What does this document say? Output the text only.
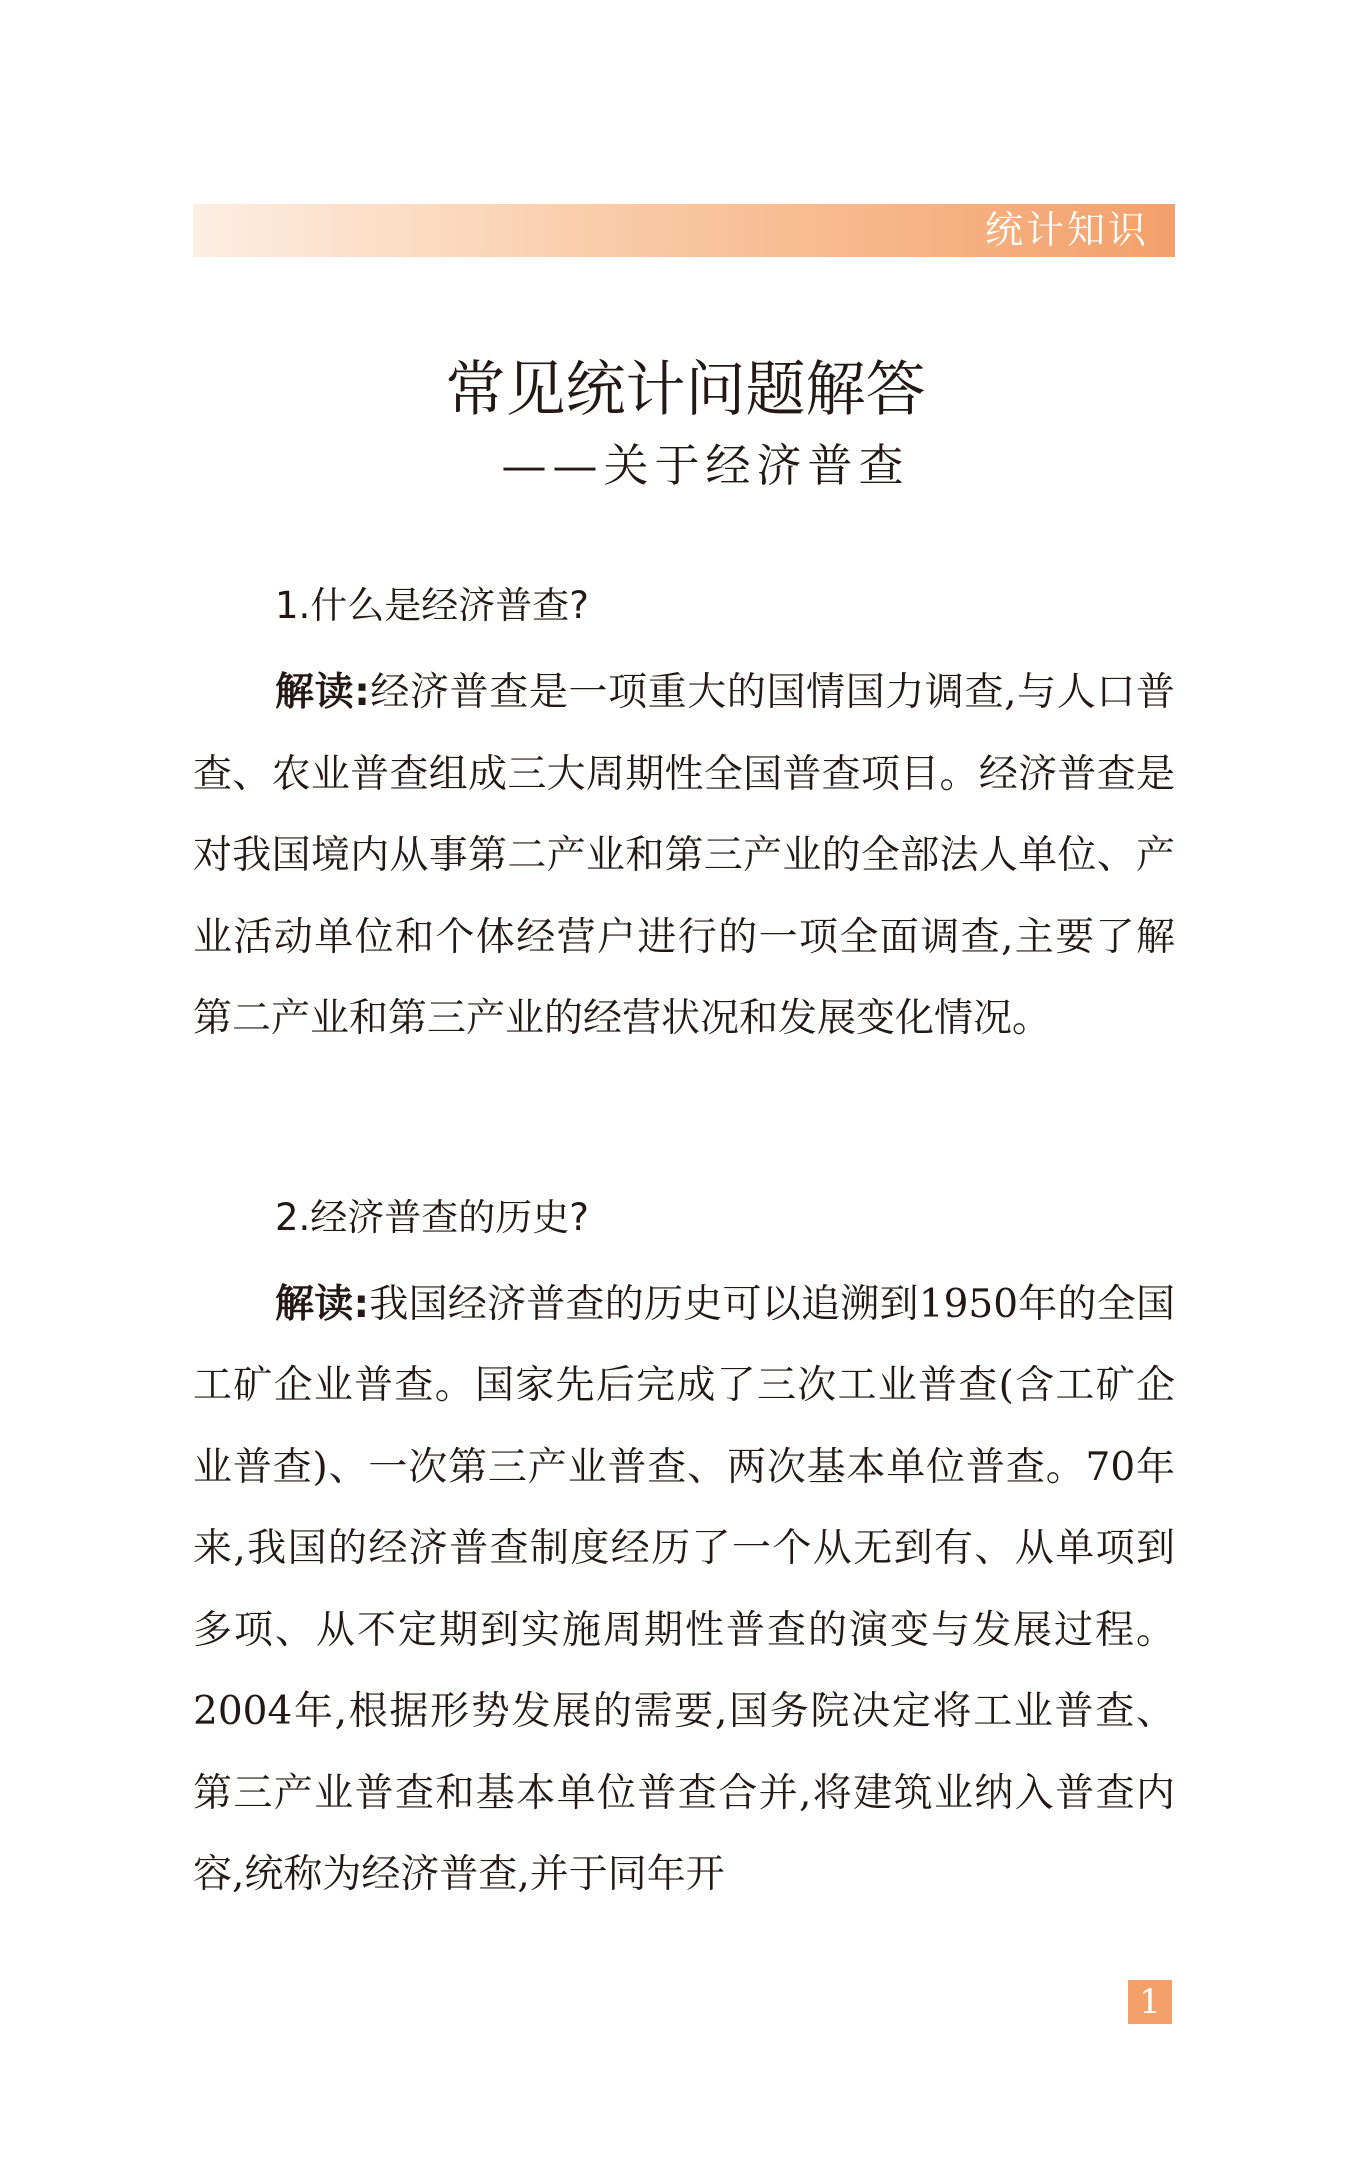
统计知识
常见统计问题解答
——关于经济普查
1.什么是经济普查?

解读:经济普查是一项重大的国情国力调查,与人口普查、农业普查组成三大周期性全国普查项目。经济普查是对我国境内从事第二产业和第三产业的全部法人单位、产业活动单位和个体经营户进行的一项全面调查,主要了解第二产业和第三产业的经营状况和发展变化情况。

2.经济普查的历史?

解读:我国经济普查的历史可以追溯到1950年的全国工矿企业普查。国家先后完成了三次工业普查(含工矿企业普查)、一次第三产业普查、两次基本单位普查。70年来,我国的经济普查制度经历了一个从无到有、从单项到多项、从不定期到实施周期性普查的演变与发展过程。2004年,根据形势发展的需要,国务院决定将工业普查、第三产业普查和基本单位普查合并,将建筑业纳入普查内容,统称为经济普查,并于同年开

1
